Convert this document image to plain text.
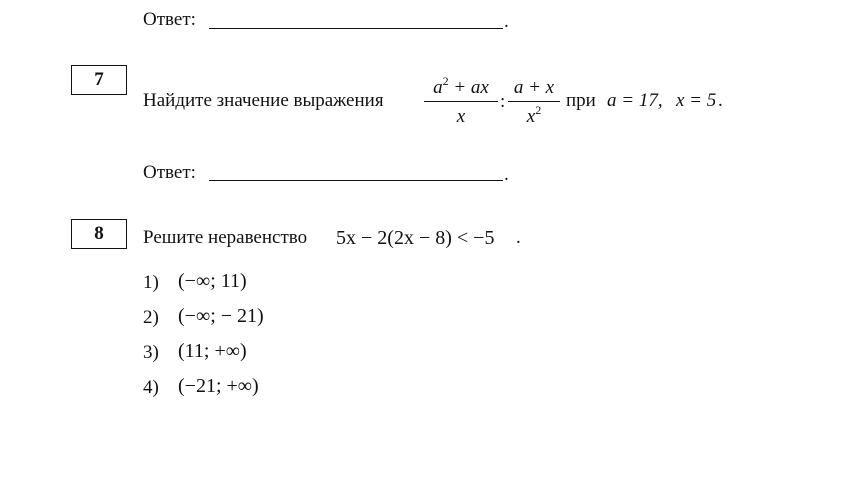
Ответ:	.
7
Найдите значение выражения
$a^2$ + ax
x
:
a + x
$x^2$	при a = 17, x = 5 .
Ответ:	.
8	Решите неравенство 5x − 2(2x − 8) < −5 .
1) (−∞; 11)
2) (−∞; − 21)
3) (11; +∞)
4) (−21; +∞)
